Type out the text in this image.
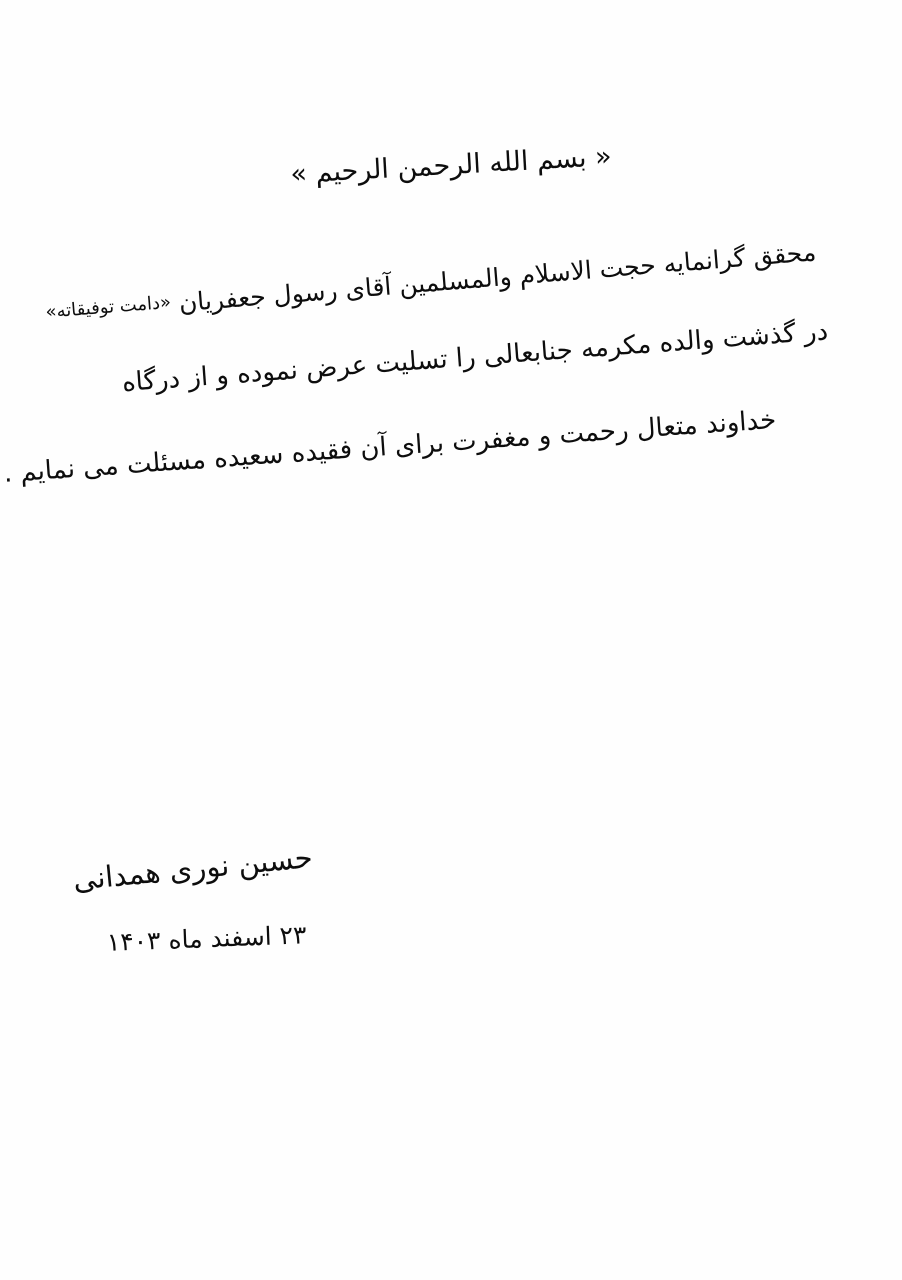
« بسم الله الرحمن الرحيم »

محقق گرانمايه حجت الاسلام والمسلمين آقاى رسول جعفريان «دامت توفيقاته»

در گذشت والده مكرمه جنابعالى را تسليت عرض نموده و از درگاه

خداوند متعال رحمت و مغفرت براى آن فقيده سعيده مسئلت مى نمايم .

حسين نورى همدانى

۲۳ اسفند ماه ۱۴۰۳
